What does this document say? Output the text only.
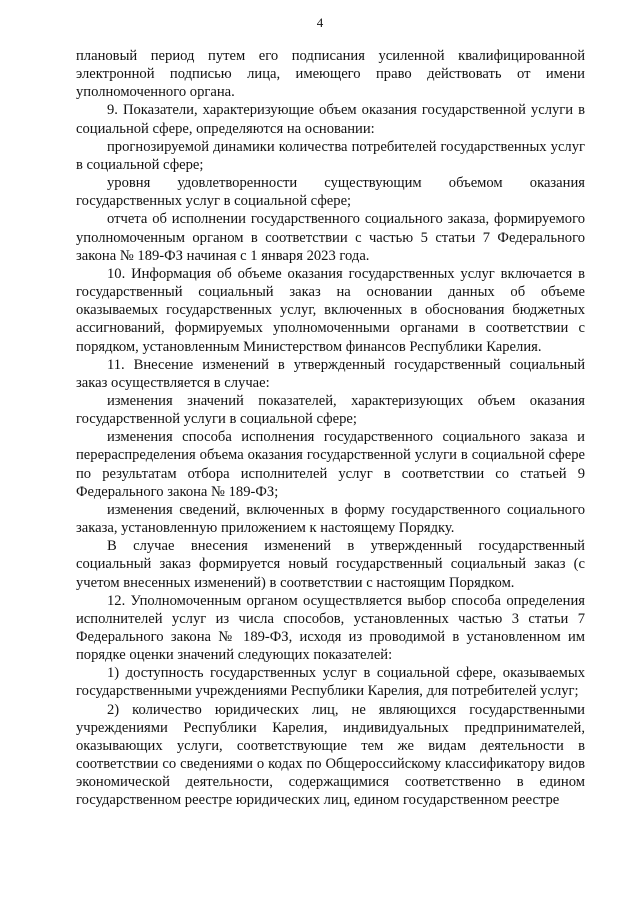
4

плановый период путем его подписания усиленной квалифицированной электронной подписью лица, имеющего право действовать от имени уполномоченного органа.

9. Показатели, характеризующие объем оказания государственной услуги в социальной сфере, определяются на основании:

прогнозируемой динамики количества потребителей государственных услуг в социальной сфере;

уровня удовлетворенности существующим объемом оказания государственных услуг в социальной сфере;

отчета об исполнении государственного социального заказа, формируемого уполномоченным органом в соответствии с частью 5 статьи 7 Федерального закона № 189-ФЗ начиная с 1 января 2023 года.

10. Информация об объеме оказания государственных услуг включается в государственный социальный заказ на основании данных об объеме оказываемых государственных услуг, включенных в обоснования бюджетных ассигнований, формируемых уполномоченными органами в соответствии с порядком, установленным Министерством финансов Республики Карелия.

11. Внесение изменений в утвержденный государственный социальный заказ осуществляется в случае:

изменения значений показателей, характеризующих объем оказания государственной услуги в социальной сфере;

изменения способа исполнения государственного социального заказа и перераспределения объема оказания государственной услуги в социальной сфере по результатам отбора исполнителей услуг в соответствии со статьей 9 Федерального закона № 189-ФЗ;

изменения сведений, включенных в форму государственного социального заказа, установленную приложением к настоящему Порядку.

В случае внесения изменений в утвержденный государственный социальный заказ формируется новый государственный социальный заказ (с учетом внесенных изменений) в соответствии с настоящим Порядком.

12. Уполномоченным органом осуществляется выбор способа определения исполнителей услуг из числа способов, установленных частью 3 статьи 7 Федерального закона № 189-ФЗ, исходя из проводимой в установленном им порядке оценки значений следующих показателей:

1) доступность государственных услуг в социальной сфере, оказываемых государственными учреждениями Республики Карелия, для потребителей услуг;

2) количество юридических лиц, не являющихся государственными учреждениями Республики Карелия, индивидуальных предпринимателей, оказывающих услуги, соответствующие тем же видам деятельности в соответствии со сведениями о кодах по Общероссийскому классификатору видов экономической деятельности, содержащимися соответственно в едином государственном реестре юридических лиц, едином государственном реестре
